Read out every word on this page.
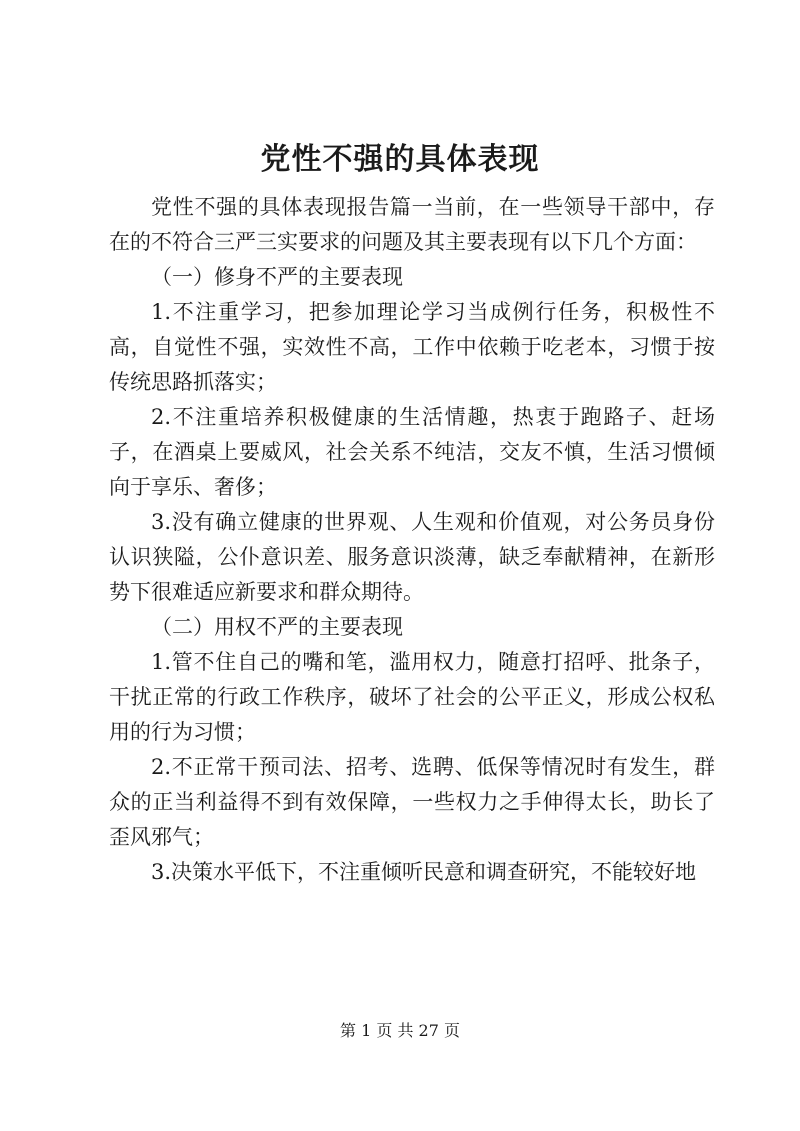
党性不强的具体表现

党性不强的具体表现报告篇一当前，在一些领导干部中，存在的不符合三严三实要求的问题及其主要表现有以下几个方面：

（一）修身不严的主要表现

1.不注重学习，把参加理论学习当成例行任务，积极性不高，自觉性不强，实效性不高，工作中依赖于吃老本，习惯于按传统思路抓落实；

2.不注重培养积极健康的生活情趣，热衷于跑路子、赶场子，在酒桌上要威风，社会关系不纯洁，交友不慎，生活习惯倾向于享乐、奢侈；

3.没有确立健康的世界观、人生观和价值观，对公务员身份认识狭隘，公仆意识差、服务意识淡薄，缺乏奉献精神，在新形势下很难适应新要求和群众期待。

（二）用权不严的主要表现

1.管不住自己的嘴和笔，滥用权力，随意打招呼、批条子，干扰正常的行政工作秩序，破坏了社会的公平正义，形成公权私用的行为习惯；

2.不正常干预司法、招考、选聘、低保等情况时有发生，群众的正当利益得不到有效保障，一些权力之手伸得太长，助长了歪风邪气；

3.决策水平低下，不注重倾听民意和调查研究，不能较好地

第 1 页 共 27 页
